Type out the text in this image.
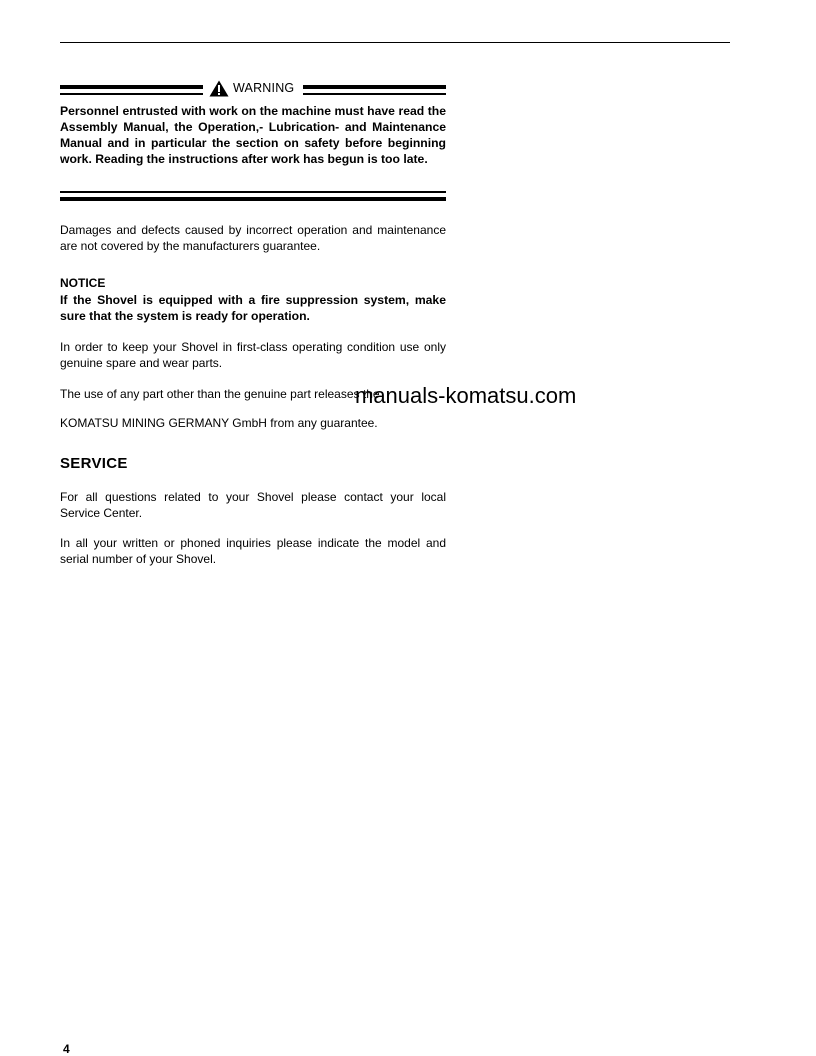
WARNING
Personnel entrusted with work on the machine must have read the Assembly Manual, the Operation,- Lubrication- and Maintenance Manual and in particular the section on safety before beginning work. Reading the instructions after work has begun is too late.
Damages and defects caused by incorrect operation and maintenance are not covered by the manufacturers guarantee.
NOTICE
If the Shovel is equipped with a fire suppression system, make sure that the system is ready for operation.
In order to keep your Shovel in first-class operating condition use only genuine spare and wear parts.
The use of any part other than the genuine part releases the
KOMATSU MINING GERMANY GmbH from any guarantee.
manuals-komatsu.com
SERVICE
For all questions related to your Shovel please contact your local Service Center.
In all your written or phoned inquiries please indicate the model and serial number of your Shovel.
4
